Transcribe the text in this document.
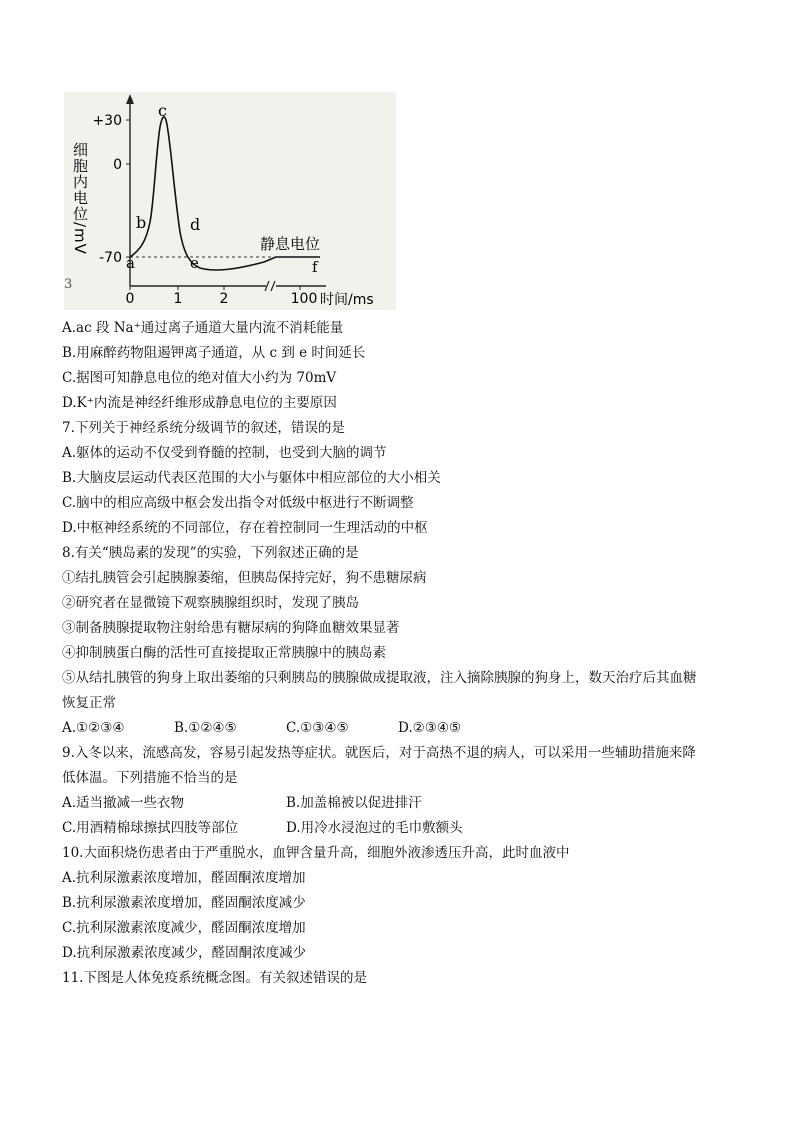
+30
0
-70
0	1	2	100 时间/ms
细胞内电位/mV
a
b
c
d
e	f
静息电位
3
A.ac 段 Na⁺通过离子通道大量内流不消耗能量
B.用麻醉药物阻遏钾离子通道，从 c 到 e 时间延长
C.据图可知静息电位的绝对值大小约为 70mV
D.K⁺内流是神经纤维形成静息电位的主要原因
7.下列关于神经系统分级调节的叙述，错误的是
A.躯体的运动不仅受到脊髓的控制，也受到大脑的调节
B.大脑皮层运动代表区范围的大小与躯体中相应部位的大小相关
C.脑中的相应高级中枢会发出指令对低级中枢进行不断调整
D.中枢神经系统的不同部位，存在着控制同一生理活动的中枢
8.有关“胰岛素的发现”的实验，下列叙述正确的是
①结扎胰管会引起胰腺萎缩，但胰岛保持完好，狗不患糖尿病
②研究者在显微镜下观察胰腺组织时，发现了胰岛
③制备胰腺提取物注射给患有糖尿病的狗降血糖效果显著
④抑制胰蛋白酶的活性可直接提取正常胰腺中的胰岛素
⑤从结扎胰管的狗身上取出萎缩的只剩胰岛的胰腺做成提取液，注入摘除胰腺的狗身上，数天治疗后其血糖
恢复正常
A.①②③④	B.①②④⑤	C.①③④⑤	D.②③④⑤
9.入冬以来，流感高发，容易引起发热等症状。就医后，对于高热不退的病人，可以采用一些辅助措施来降
低体温。下列措施不恰当的是
A.适当撤减一些衣物	B.加盖棉被以促进排汗
C.用酒精棉球擦拭四肢等部位	D.用冷水浸泡过的毛巾敷额头
10.大面积烧伤患者由于严重脱水，血钾含量升高，细胞外液渗透压升高，此时血液中
A.抗利尿激素浓度增加，醛固酮浓度增加
B.抗利尿激素浓度增加，醛固酮浓度减少
C.抗利尿激素浓度减少，醛固酮浓度增加
D.抗利尿激素浓度减少，醛固酮浓度减少
11.下图是人体免疫系统概念图。有关叙述错误的是
